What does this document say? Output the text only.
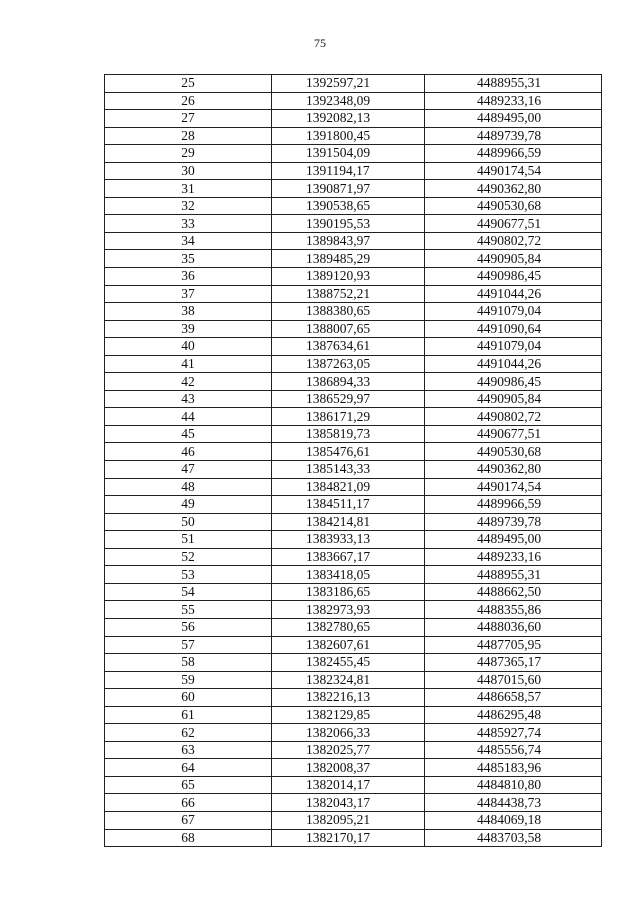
75
25	1392597,21	4488955,31
26	1392348,09	4489233,16
27	1392082,13	4489495,00
28	1391800,45	4489739,78
29	1391504,09	4489966,59
30	1391194,17	4490174,54
31	1390871,97	4490362,80
32	1390538,65	4490530,68
33	1390195,53	4490677,51
34	1389843,97	4490802,72
35	1389485,29	4490905,84
36	1389120,93	4490986,45
37	1388752,21	4491044,26
38	1388380,65	4491079,04
39	1388007,65	4491090,64
40	1387634,61	4491079,04
41	1387263,05	4491044,26
42	1386894,33	4490986,45
43	1386529,97	4490905,84
44	1386171,29	4490802,72
45	1385819,73	4490677,51
46	1385476,61	4490530,68
47	1385143,33	4490362,80
48	1384821,09	4490174,54
49	1384511,17	4489966,59
50	1384214,81	4489739,78
51	1383933,13	4489495,00
52	1383667,17	4489233,16
53	1383418,05	4488955,31
54	1383186,65	4488662,50
55	1382973,93	4488355,86
56	1382780,65	4488036,60
57	1382607,61	4487705,95
58	1382455,45	4487365,17
59	1382324,81	4487015,60
60	1382216,13	4486658,57
61	1382129,85	4486295,48
62	1382066,33	4485927,74
63	1382025,77	4485556,74
64	1382008,37	4485183,96
65	1382014,17	4484810,80
66	1382043,17	4484438,73
67	1382095,21	4484069,18
68	1382170,17	4483703,58
